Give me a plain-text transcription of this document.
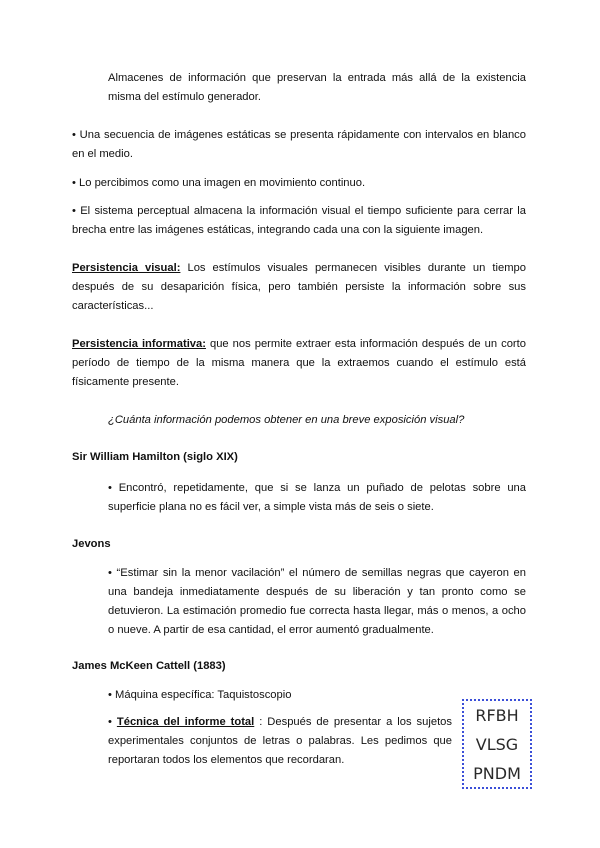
Almacenes de información que preservan la entrada más allá de la existencia misma del estímulo generador.

• Una secuencia de imágenes estáticas se presenta rápidamente con intervalos en blanco en el medio.

• Lo percibimos como una imagen en movimiento continuo.

• El sistema perceptual almacena la información visual el tiempo suficiente para cerrar la brecha entre las imágenes estáticas, integrando cada una con la siguiente imagen.

Persistencia visual: Los estímulos visuales permanecen visibles durante un tiempo después de su desaparición física, pero también persiste la información sobre sus características...

Persistencia informativa: que nos permite extraer esta información después de un corto período de tiempo de la misma manera que la extraemos cuando el estímulo está físicamente presente.

¿Cuánta información podemos obtener en una breve exposición visual?

Sir William Hamilton (siglo XIX)

• Encontró, repetidamente, que si se lanza un puñado de pelotas sobre una superficie plana no es fácil ver, a simple vista más de seis o siete.

Jevons

• “Estimar sin la menor vacilación” el número de semillas negras que cayeron en una bandeja inmediatamente después de su liberación y tan pronto como se detuvieron. La estimación promedio fue correcta hasta llegar, más o menos, a ocho o nueve. A partir de esa cantidad, el error aumentó gradualmente.

James McKeen Cattell (1883)

• Máquina específica: Taquistoscopio

• Técnica del informe total : Después de presentar a los sujetos experimentales conjuntos de letras o palabras. Les pedimos que reportaran todos los elementos que recordaran.

RFBH
VLSG
PNDM
